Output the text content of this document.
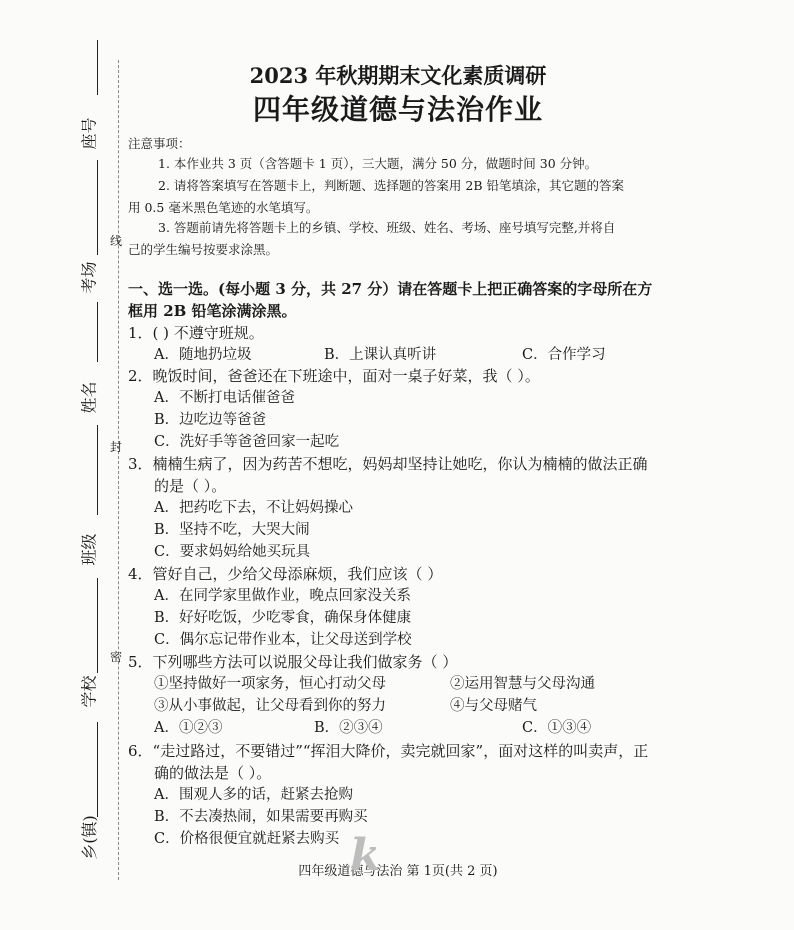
座号
考场
姓名
班级
学校
乡(镇)
线
封
密
2023 年秋期期末文化素质调研
四年级道德与法治作业
注意事项：
1. 本作业共 3 页（含答题卡 1 页），三大题，满分 50 分，做题时间 30 分钟。
2. 请将答案填写在答题卡上，判断题、选择题的答案用 2B 铅笔填涂，其它题的答案
用 0.5 毫米黑色笔迹的水笔填写。
3. 答题前请先将答题卡上的乡镇、学校、班级、姓名、考场、座号填写完整,并将自
己的学生编号按要求涂黑。
一、选一选。(每小题 3 分，共 27 分）请在答题卡上把正确答案的字母所在方
框用 2B 铅笔涂满涂黑。
1．( ) 不遵守班规。
A．随地扔垃圾	B．上课认真听讲	C．合作学习
2．晚饭时间，爸爸还在下班途中，面对一桌子好菜，我（ ）。
A．不断打电话催爸爸
B．边吃边等爸爸
C．洗好手等爸爸回家一起吃
3．楠楠生病了，因为药苦不想吃，妈妈却坚持让她吃，你认为楠楠的做法正确
的是（ ）。
A．把药吃下去，不让妈妈操心
B．坚持不吃，大哭大闹
C．要求妈妈给她买玩具
4．管好自己，少给父母添麻烦，我们应该（ ）
A．在同学家里做作业，晚点回家没关系
B．好好吃饭，少吃零食，确保身体健康
C．偶尔忘记带作业本，让父母送到学校
5．下列哪些方法可以说服父母让我们做家务（ ）
①坚持做好一项家务，恒心打动父母	②运用智慧与父母沟通
③从小事做起，让父母看到你的努力	④与父母赌气
A．①②③	B．②③④	C．①③④
6．“走过路过，不要错过”“挥泪大降价，卖完就回家”，面对这样的叫卖声，正
确的做法是（ ）。
A．围观人多的话，赶紧去抢购
B．不去凑热闹，如果需要再购买
C．价格很便宜就赶紧去购买
四年级道德与法治 第 1页(共 2 页)
k
